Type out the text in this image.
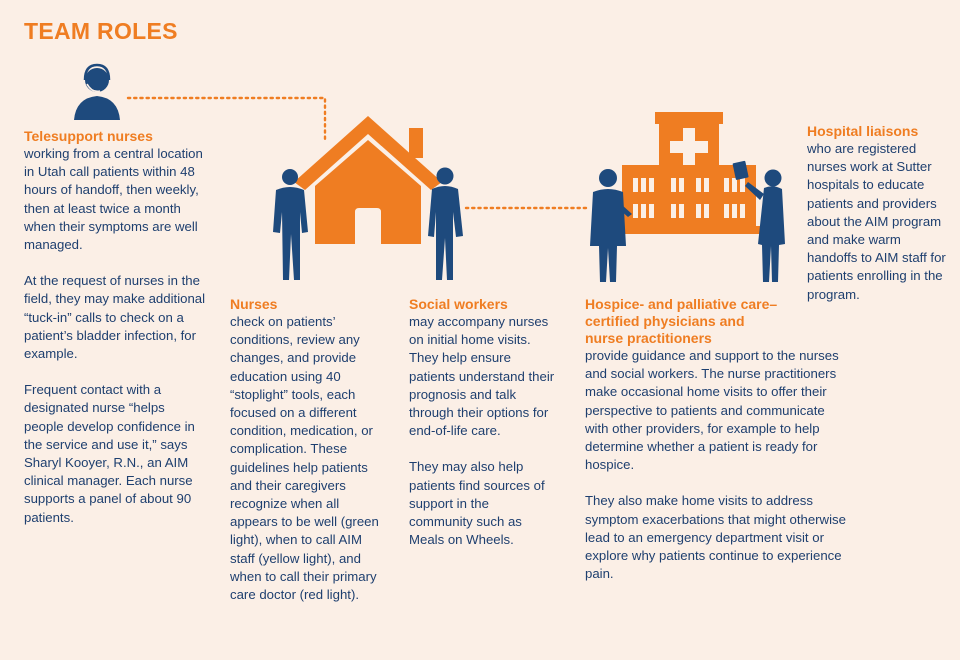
TEAM ROLES
Telesupport nurses

working from a central location in Utah call patients within 48 hours of handoff, then weekly, then at least twice a month when their symptoms are well managed.

At the request of nurses in the field, they may make additional “tuck-in” calls to check on a patient’s bladder infection, for example.

Frequent contact with a designated nurse “helps people develop confidence in the service and use it,” says Sharyl Kooyer, R.N., an AIM clinical manager. Each nurse supports a panel of about 90 patients.

Nurses

check on patients’ conditions, review any changes, and provide education using 40 “stoplight” tools, each focused on a different condition, medication, or complication. These guidelines help patients and their caregivers recognize when all appears to be well (green light), when to call AIM staff (yellow light), and when to call their primary care doctor (red light).

Social workers

may accompany nurses on initial home visits. They help ensure patients understand their prognosis and talk through their options for end-of-life care.

They may also help patients find sources of support in the community such as Meals on Wheels.

Hospice- and palliative care–certified physicians and nurse practitioners

provide guidance and support to the nurses and social workers. The nurse practitioners make occasional home visits to offer their perspective to patients and communicate with other providers, for example to help determine whether a patient is ready for hospice.

They also make home visits to address symptom exacerbations that might otherwise lead to an emergency department visit or explore why patients continue to experience pain.

Hospital liaisons

who are registered nurses work at Sutter hospitals to educate patients and providers about the AIM program and make warm handoffs to AIM staff for patients enrolling in the program.
